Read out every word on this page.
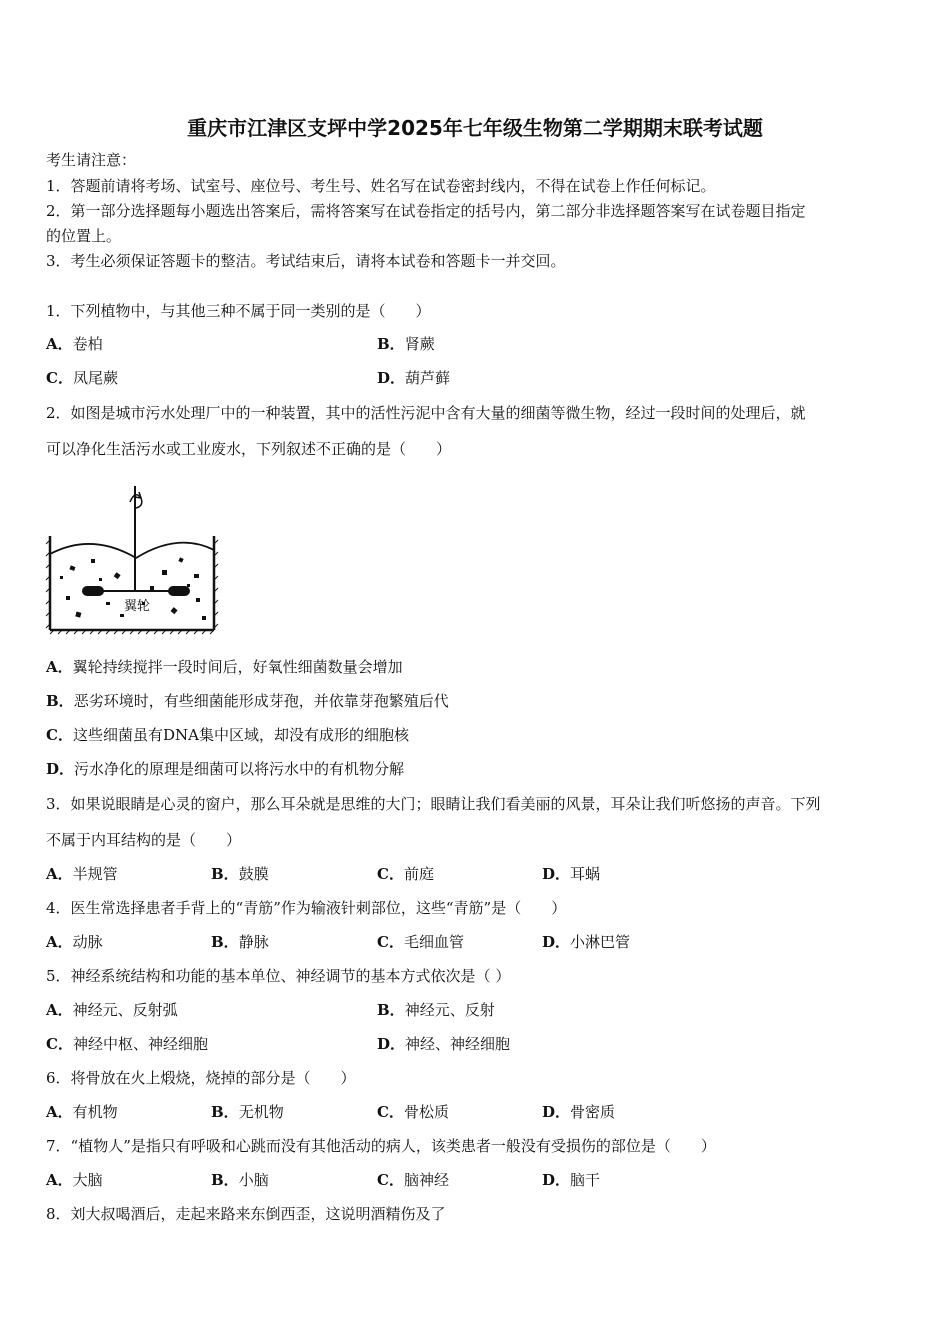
重庆市江津区支坪中学2025年七年级生物第二学期期末联考试题
考生请注意：
1．答题前请将考场、试室号、座位号、考生号、姓名写在试卷密封线内，不得在试卷上作任何标记。
2．第一部分选择题每小题选出答案后，需将答案写在试卷指定的括号内，第二部分非选择题答案写在试卷题目指定
的位置上。
3．考生必须保证答题卡的整洁。考试结束后，请将本试卷和答题卡一并交回。
1．下列植物中，与其他三种不属于同一类别的是（　　）
A．卷柏	B．肾蕨
C．凤尾蕨	D．葫芦藓
2．如图是城市污水处理厂中的一种装置，其中的活性污泥中含有大量的细菌等微生物，经过一段时间的处理后，就
可以净化生活污水或工业废水，下列叙述不正确的是（　　）
翼轮
A．翼轮持续搅拌一段时间后，好氧性细菌数量会增加
B．恶劣环境时，有些细菌能形成芽孢，并依靠芽孢繁殖后代
C．这些细菌虽有DNA集中区域，却没有成形的细胞核
D．污水净化的原理是细菌可以将污水中的有机物分解
3．如果说眼睛是心灵的窗户，那么耳朵就是思维的大门；眼睛让我们看美丽的风景，耳朵让我们听悠扬的声音。下列
不属于内耳结构的是（　　）
A．半规管	B．鼓膜	C．前庭	D．耳蜗
4．医生常选择患者手背上的“青筋”作为输液针刺部位，这些“青筋”是（　　）
A．动脉	B．静脉	C．毛细血管	D．小淋巴管
5．神经系统结构和功能的基本单位、神经调节的基本方式依次是（ ）
A．神经元、反射弧	B．神经元、反射
C．神经中枢、神经细胞	D．神经、神经细胞
6．将骨放在火上煅烧，烧掉的部分是（　　）
A．有机物	B．无机物	C．骨松质	D．骨密质
7．“植物人”是指只有呼吸和心跳而没有其他活动的病人，该类患者一般没有受损伤的部位是（　　）
A．大脑	B．小脑	C．脑神经	D．脑干
8．刘大叔喝酒后，走起来路来东倒西歪，这说明酒精伤及了
